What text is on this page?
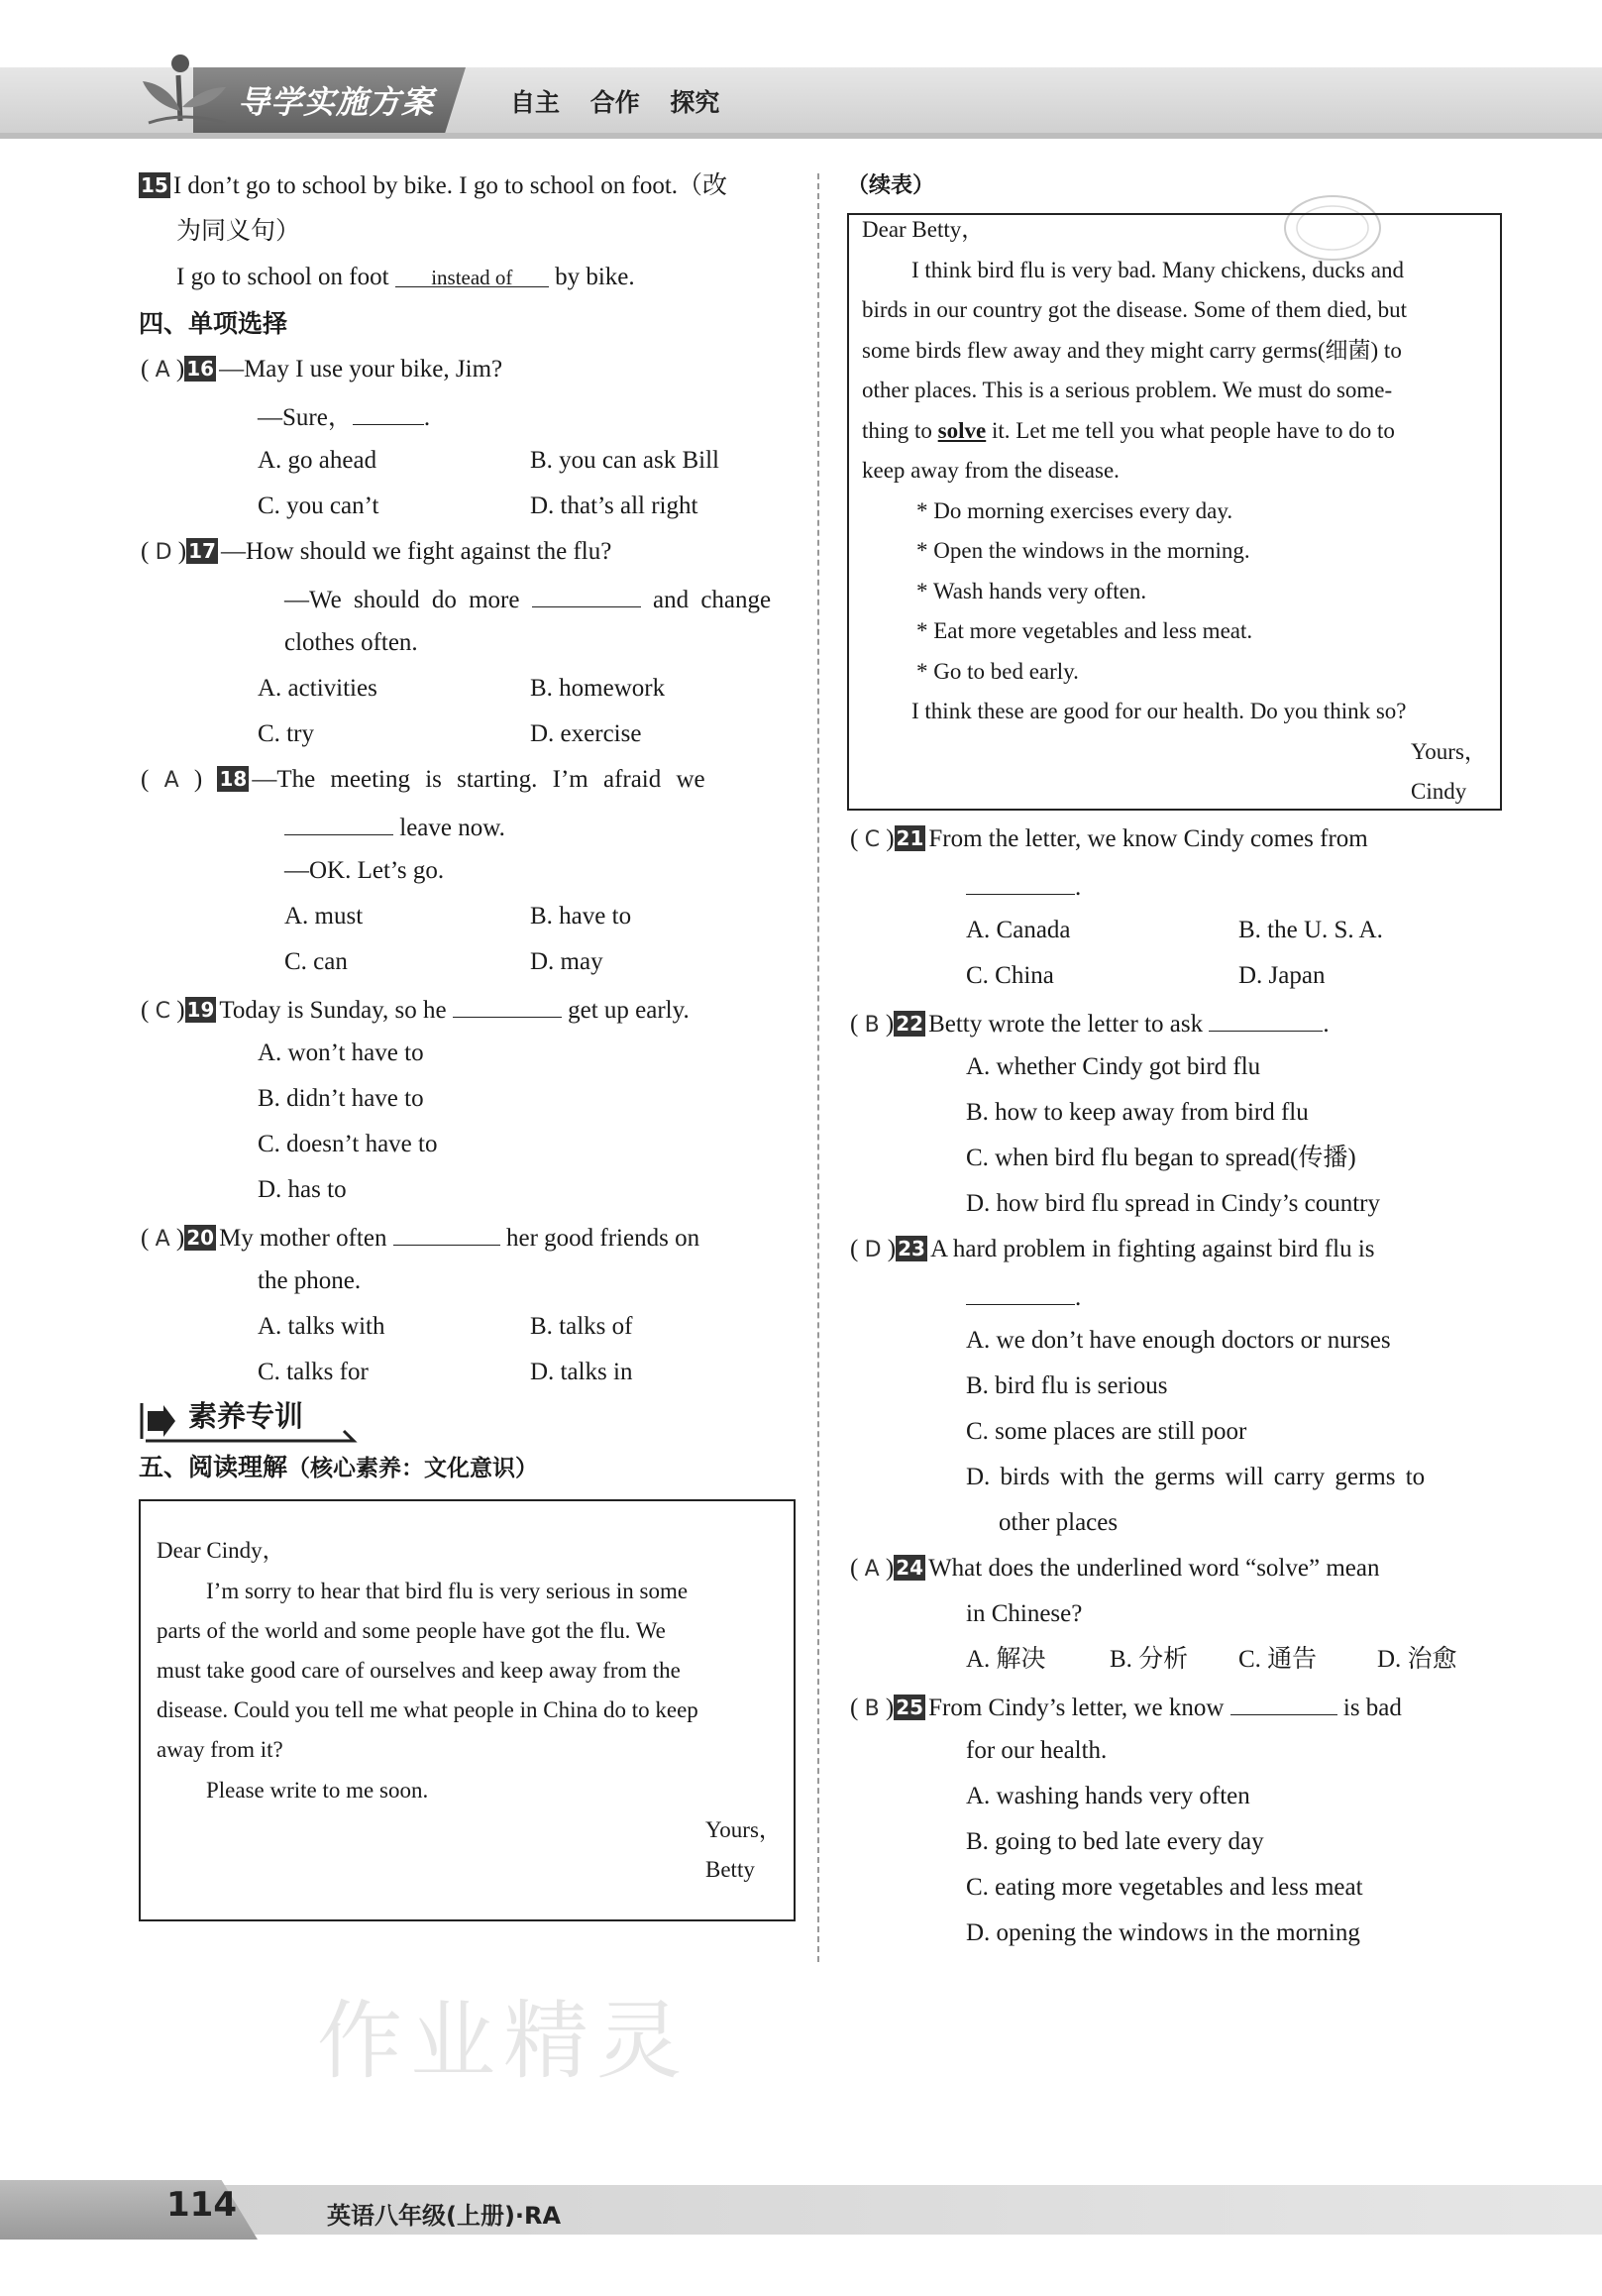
导学实施方案	自主 合作 探究
15 I don’t go to school by bike. I go to school on foot.（改
为同义句）
I go to school on foot instead of by bike.
四、单项选择
( A ) 16 —May I use your bike, Jim?
—Sure，	.
A. go ahead	B. you can ask Bill
C. you can’t	D. that’s all right
( D ) 17 —How should we fight against the flu?
—We should do more	and change
clothes often.
A. activities	B. homework
C. try	D. exercise
( A ) 18 —The meeting is starting. I’m afraid we
leave now.
—OK. Let’s go.
A. must	B. have to
C. can	D. may
( C ) 19 Today is Sunday, so he	get up early.
A. won’t have to
B. didn’t have to
C. doesn’t have to
D. has to
( A ) 20 My mother often	her good friends on
the phone.
A. talks with	B. talks of
C. talks for	D. talks in
素养专训
五、阅读理解（核心素养：文化意识）
Dear Cindy，
I’m sorry to hear that bird flu is very serious in some
parts of the world and some people have got the flu. We
must take good care of ourselves and keep away from the
disease. Could you tell me what people in China do to keep
away from it?
Please write to me soon.
Yours，
Betty
（续表）
Dear Betty，
I think bird flu is very bad. Many chickens, ducks and
birds in our country got the disease. Some of them died, but
some birds flew away and they might carry germs(细菌) to
other places. This is a serious problem. We must do some-
thing to solve it. Let me tell you what people have to do to
keep away from the disease.
* Do morning exercises every day.
* Open the windows in the morning.
* Wash hands very often.
* Eat more vegetables and less meat.
* Go to bed early.
I think these are good for our health. Do you think so?
Yours，
Cindy
( C ) 21 From the letter, we know Cindy comes from
.
A. Canada	B. the U. S. A.
C. China	D. Japan
( B ) 22 Betty wrote the letter to ask	.
A. whether Cindy got bird flu
B. how to keep away from bird flu
C. when bird flu began to spread(传播)
D. how bird flu spread in Cindy’s country
( D ) 23 A hard problem in fighting against bird flu is
.
A. we don’t have enough doctors or nurses
B. bird flu is serious
C. some places are still poor
D. birds with the germs will carry germs to
other places
( A ) 24 What does the underlined word “solve” mean
in Chinese?
A. 解决	B. 分析 C. 通告 D. 治愈
( B ) 25 From Cindy’s letter, we know	is bad
for our health.
A. washing hands very often
B. going to bed late every day
C. eating more vegetables and less meat
D. opening the windows in the morning
作业精灵
114	英语八年级(上册)·RA
